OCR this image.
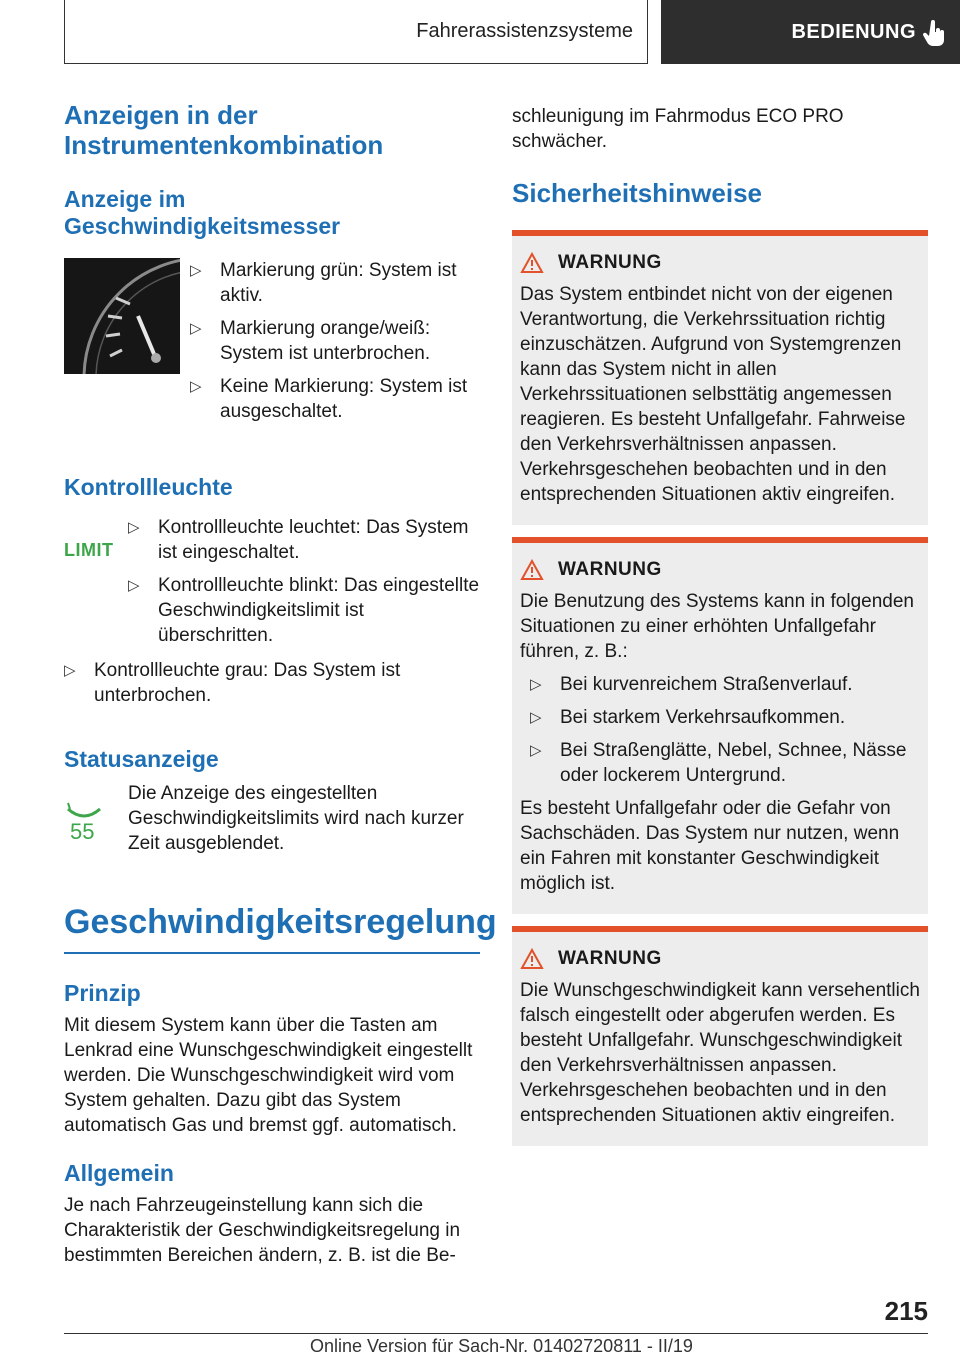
Fahrerassistenzsysteme	BEDIENUNG
Anzeigen in der Instrumentenkombination
Anzeige im Geschwindigkeitsmesser
▷ Markierung grün: System ist aktiv.
▷ Markierung orange/weiß: System ist unterbrochen.
▷ Keine Markierung: System ist ausgeschaltet.
Kontrollleuchte
LIMIT
▷ Kontrollleuchte leuchtet: Das System ist eingeschaltet.
▷ Kontrollleuchte blinkt: Das eingestellte Geschwindigkeitslimit ist überschritten.
▷ Kontrollleuchte grau: Das System ist unterbrochen.
Statusanzeige
55

Die Anzeige des eingestellten Geschwindigkeitslimits wird nach kurzer Zeit ausgeblendet.

Geschwindigkeitsregelung
Prinzip

Mit diesem System kann über die Tasten am Lenkrad eine Wunschgeschwindigkeit eingestellt werden. Die Wunschgeschwindigkeit wird vom System gehalten. Dazu gibt das System automatisch Gas und bremst ggf. automatisch.

Allgemein

Je nach Fahrzeugeinstellung kann sich die Charakteristik der Geschwindigkeitsregelung in bestimmten Bereichen ändern, z. B. ist die Be-

schleunigung im Fahrmodus ECO PRO schwächer.

Sicherheitshinweise
WARNUNG

Das System entbindet nicht von der eigenen Verantwortung, die Verkehrssituation richtig einzuschätzen. Aufgrund von Systemgrenzen kann das System nicht in allen Verkehrssituationen selbsttätig angemessen reagieren. Es besteht Unfallgefahr. Fahrweise den Verkehrsverhältnissen anpassen. Verkehrsgeschehen beobachten und in den entsprechenden Situationen aktiv eingreifen.

WARNUNG

Die Benutzung des Systems kann in folgenden Situationen zu einer erhöhten Unfallgefahr führen, z. B.:

▷ Bei kurvenreichem Straßenverlauf.
▷ Bei starkem Verkehrsaufkommen.
▷ Bei Straßenglätte, Nebel, Schnee, Nässe oder lockerem Untergrund.

Es besteht Unfallgefahr oder die Gefahr von Sachschäden. Das System nur nutzen, wenn ein Fahren mit konstanter Geschwindigkeit möglich ist.

WARNUNG

Die Wunschgeschwindigkeit kann versehentlich falsch eingestellt oder abgerufen werden. Es besteht Unfallgefahr. Wunschgeschwindigkeit den Verkehrsverhältnissen anpassen. Verkehrsgeschehen beobachten und in den entsprechenden Situationen aktiv eingreifen.

215
Online Version für Sach-Nr. 01402720811 - II/19
